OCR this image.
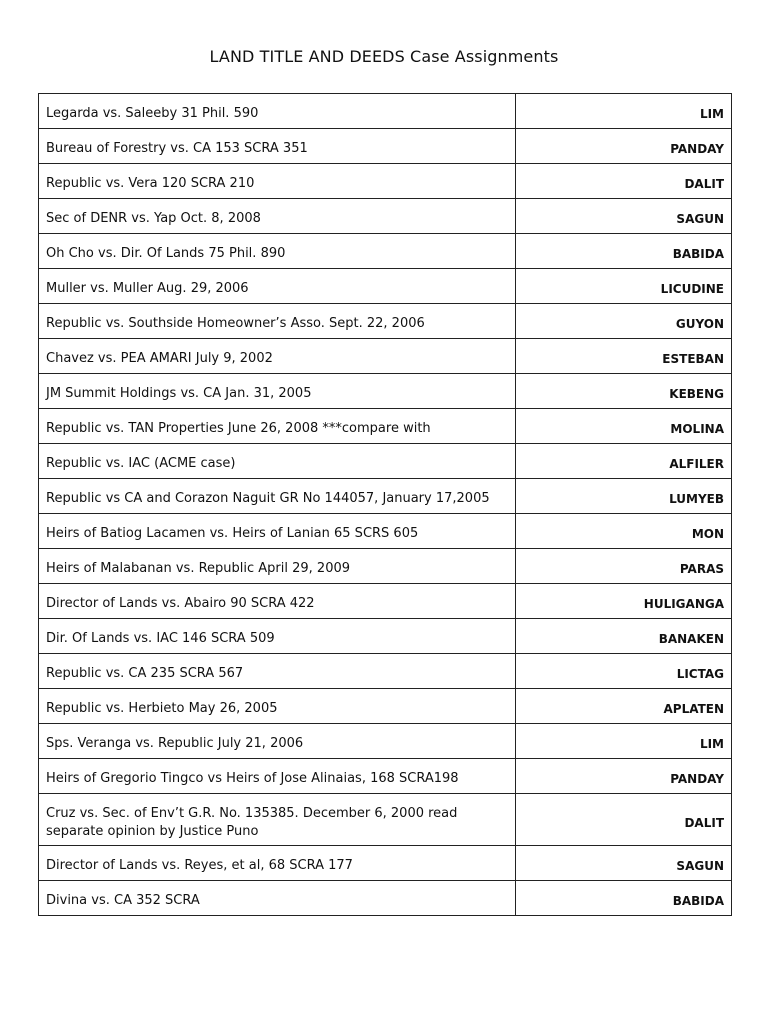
LAND TITLE AND DEEDS Case Assignments
Legarda vs. Saleeby 31 Phil. 590	LIM
Bureau of Forestry vs. CA 153 SCRA 351	PANDAY
Republic vs. Vera 120 SCRA 210	DALIT
Sec of DENR vs. Yap Oct. 8, 2008	SAGUN
Oh Cho vs. Dir. Of Lands 75 Phil. 890	BABIDA
Muller vs. Muller Aug. 29, 2006	LICUDINE
Republic vs. Southside Homeowner’s Asso. Sept. 22, 2006	GUYON
Chavez vs. PEA AMARI July 9, 2002	ESTEBAN
JM Summit Holdings vs. CA Jan. 31, 2005	KEBENG
Republic vs. TAN Properties June 26, 2008 ***compare with	MOLINA
Republic vs. IAC (ACME case)	ALFILER
Republic vs CA and Corazon Naguit GR No 144057, January 17,2005	LUMYEB
Heirs of Batiog Lacamen vs. Heirs of Lanian 65 SCRS 605	MON
Heirs of Malabanan vs. Republic April 29, 2009	PARAS
Director of Lands vs. Abairo 90 SCRA 422	HULIGANGA
Dir. Of Lands vs. IAC 146 SCRA 509	BANAKEN
Republic vs. CA 235 SCRA 567	LICTAG
Republic vs. Herbieto May 26, 2005	APLATEN
Sps. Veranga vs. Republic July 21, 2006	LIM
Heirs of Gregorio Tingco vs Heirs of Jose Alinaias, 168 SCRA198	PANDAY
Cruz vs. Sec. of Env’t G.R. No. 135385. December 6, 2000 read separate opinion by Justice Puno	DALIT
Director of Lands vs. Reyes, et al, 68 SCRA 177	SAGUN
Divina vs. CA 352 SCRA	BABIDA
